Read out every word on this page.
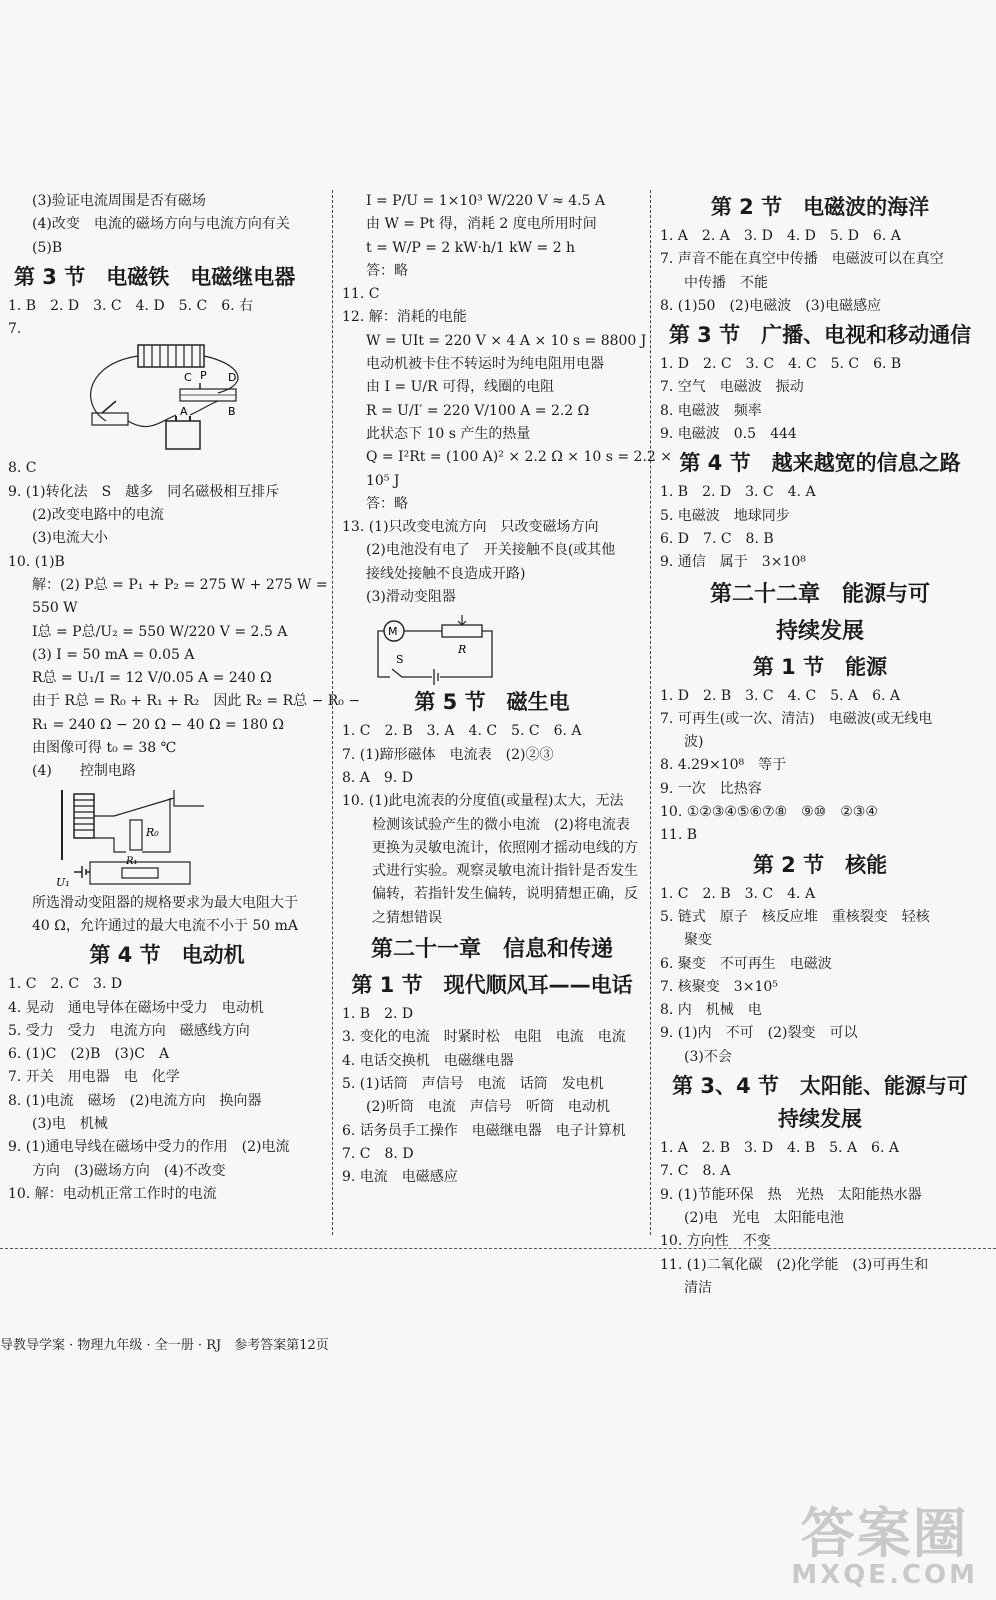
(3)验证电流周围是否有磁场
(4)改变　电流的磁场方向与电流方向有关
(5)B
第 3 节　电磁铁　电磁继电器
1. B　2. D　3. C　4. D　5. C　6. 右
7.
C P D
A	B
8. C
9. (1)转化法　S　越多　同名磁极相互排斥
(2)改变电路中的电流
(3)电流大小
10. (1)B
解：(2) P总 = P₁ + P₂ = 275 W + 275 W =
550 W
I总 = P总/U₂ = 550 W/220 V = 2.5 A
(3) I = 50 mA = 0.05 A
R总 = U₁/I = 12 V/0.05 A = 240 Ω
由于 R总 = R₀ + R₁ + R₂　因此 R₂ = R总 − R₀ −
R₁ = 240 Ω − 20 Ω − 40 Ω = 180 Ω
由图像可得 t₀ = 38 ℃
(4)　　控制电路
R₀
R₁
U₁
所选滑动变阻器的规格要求为最大电阻大于
40 Ω，允许通过的最大电流不小于 50 mA
第 4 节　电动机
1. C　2. C　3. D
4. 晃动　通电导体在磁场中受力　电动机
5. 受力　受力　电流方向　磁感线方向
6. (1)C　(2)B　(3)C　A
7. 开关　用电器　电　化学
8. (1)电流　磁场　(2)电流方向　换向器
(3)电　机械
9. (1)通电导线在磁场中受力的作用　(2)电流
方向　(3)磁场方向　(4)不改变
10. 解：电动机正常工作时的电流
I = P/U = 1×10³ W/220 V ≈ 4.5 A
由 W = Pt 得，消耗 2 度电所用时间
t = W/P = 2 kW·h/1 kW = 2 h
答：略
11. C
12. 解：消耗的电能
W = UIt = 220 V × 4 A × 10 s = 8800 J
电动机被卡住不转运时为纯电阻用电器
由 I = U/R 可得，线圈的电阻
R = U/I′ = 220 V/100 A = 2.2 Ω
此状态下 10 s 产生的热量
Q = I²Rt = (100 A)² × 2.2 Ω × 10 s = 2.2 ×
10⁵ J
答：略
13. (1)只改变电流方向　只改变磁场方向
(2)电池没有电了　开关接触不良(或其他
接线处接触不良造成开路)
(3)滑动变阻器
M
R
S
第 5 节　磁生电
1. C　2. B　3. A　4. C　5. C　6. A
7. (1)蹄形磁体　电流表　(2)②③
8. A　9. D
10. (1)此电流表的分度值(或量程)太大，无法
检测该试验产生的微小电流　(2)将电流表
更换为灵敏电流计，依照刚才摇动电线的方
式进行实验。观察灵敏电流计指针是否发生
偏转，若指针发生偏转，说明猜想正确，反
之猜想错误
第二十一章　信息和传递
第 1 节　现代顺风耳——电话
1. B　2. D
3. 变化的电流　时紧时松　电阻　电流　电流
4. 电话交换机　电磁继电器
5. (1)话筒　声信号　电流　话筒　发电机
(2)听筒　电流　声信号　听筒　电动机
6. 话务员手工操作　电磁继电器　电子计算机
7. C　8. D
9. 电流　电磁感应
第 2 节　电磁波的海洋
1. A　2. A　3. D　4. D　5. D　6. A
7. 声音不能在真空中传播　电磁波可以在真空
中传播　不能
8. (1)50　(2)电磁波　(3)电磁感应
第 3 节　广播、电视和移动通信
1. D　2. C　3. C　4. C　5. C　6. B
7. 空气　电磁波　振动
8. 电磁波　频率
9. 电磁波　0.5　444
第 4 节　越来越宽的信息之路
1. B　2. D　3. C　4. A
5. 电磁波　地球同步
6. D　7. C　8. B
9. 通信　属于　3×10⁸
第二十二章　能源与可
持续发展
第 1 节　能源
1. D　2. B　3. C　4. C　5. A　6. A
7. 可再生(或一次、清洁)　电磁波(或无线电
波)
8. 4.29×10⁸　等于
9. 一次　比热容
10. ①②③④⑤⑥⑦⑧　⑨⑩　②③④
11. B
第 2 节　核能
1. C　2. B　3. C　4. A
5. 链式　原子　核反应堆　重核裂变　轻核
聚变
6. 聚变　不可再生　电磁波
7. 核聚变　3×10⁵
8. 内　机械　电
9. (1)内　不可　(2)裂变　可以
(3)不会
第 3、4 节　太阳能、能源与可
持续发展
1. A　2. B　3. D　4. B　5. A　6. A
7. C　8. A
9. (1)节能环保　热　光热　太阳能热水器
(2)电　光电　太阳能电池
10. 方向性　不变
11. (1)二氧化碳　(2)化学能　(3)可再生和
清洁
导教导学案 · 物理九年级 · 全一册 · RJ　参考答案第12页
答案圈
MXQE.COM
